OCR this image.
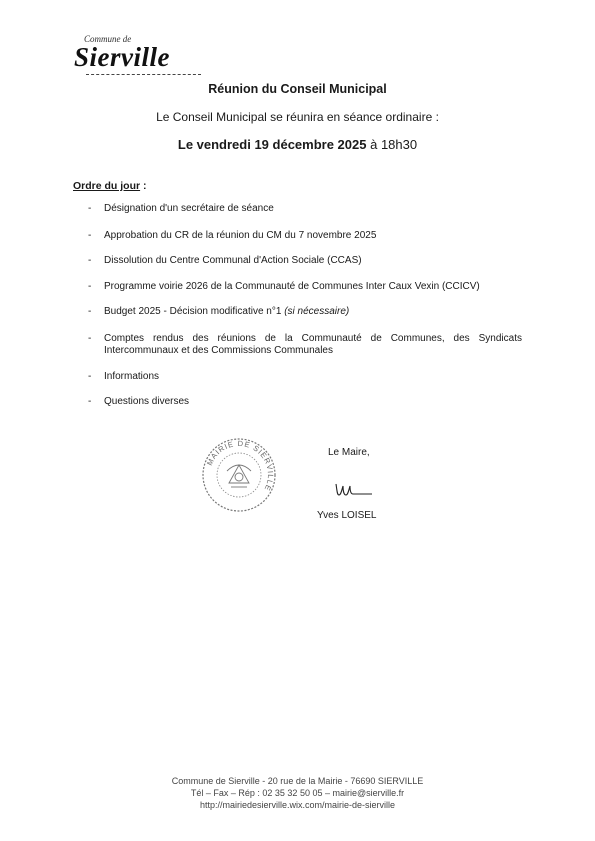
Commune de
Sierville
Réunion du Conseil Municipal
Le Conseil Municipal se réunira en séance ordinaire :
Le vendredi 19 décembre 2025 à 18h30
Ordre du jour :
- Désignation d'un secrétaire de séance
- Approbation du CR de la réunion du CM du 7 novembre 2025
- Dissolution du Centre Communal d'Action Sociale (CCAS)
- Programme voirie 2026 de la Communauté de Communes Inter Caux Vexin (CCICV)
- Budget 2025 - Décision modificative n°1 (si nécessaire)
- Comptes rendus des réunions de la Communauté de Communes, des Syndicats Intercommunaux et des Commissions Communales
- Informations
- Questions diverses
MAIRIE DE SIERVILLE
Le Maire,
Yves LOISEL
Commune de Sierville - 20 rue de la Mairie - 76690 SIERVILLE
Tél – Fax – Rép : 02 35 32 50 05 – mairie@sierville.fr
http://mairiedesierville.wix.com/mairie-de-sierville
